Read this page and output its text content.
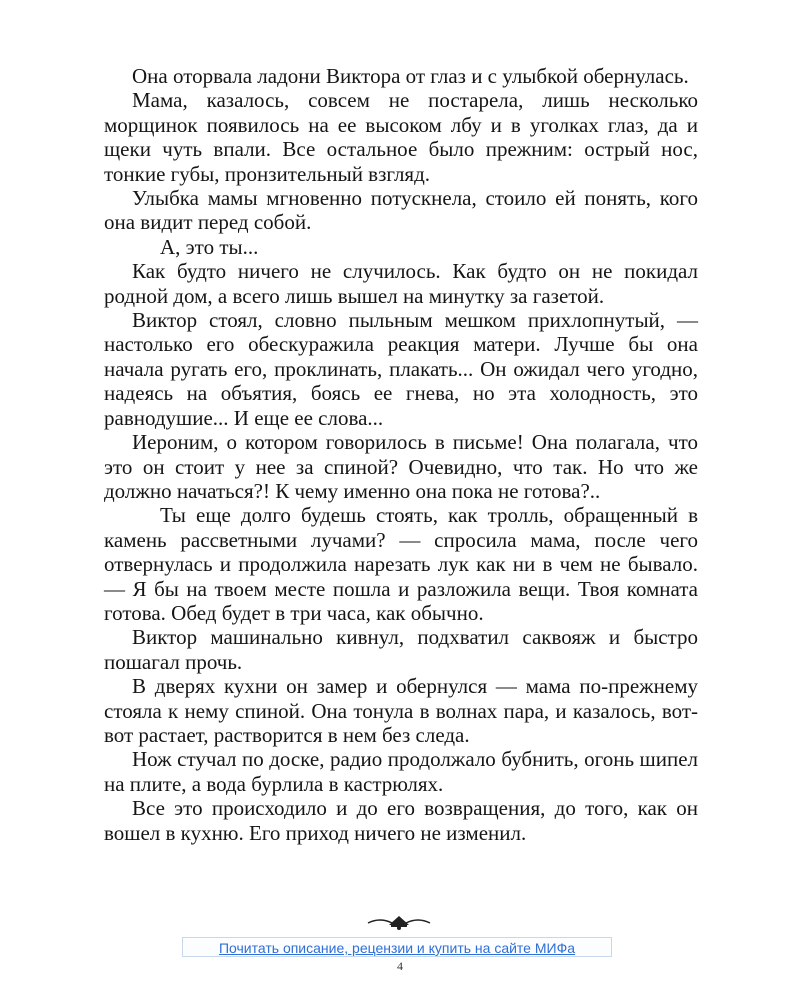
Она оторвала ладони Виктора от глаз и с улыбкой обернулась.

Мама, казалось, совсем не постарела, лишь несколько морщинок появилось на ее высоком лбу и в уголках глаз, да и щеки чуть впали. Все остальное было прежним: острый нос, тонкие губы, пронзительный взгляд.

Улыбка мамы мгновенно потускнела, стоило ей понять, кого она видит перед собой.

А, это ты...

Как будто ничего не случилось. Как будто он не покидал родной дом, а всего лишь вышел на минутку за газетой.

Виктор стоял, словно пыльным мешком прихлопнутый, — настолько его обескуражила реакция матери. Лучше бы она начала ругать его, проклинать, плакать... Он ожидал чего угодно, надеясь на объятия, боясь ее гнева, но эта холодность, это равнодушие... И еще ее слова...

Иероним, о котором говорилось в письме! Она полагала, что это он стоит у нее за спиной? Очевидно, что так. Но что же должно начаться?! К чему именно она пока не готова?..

Ты еще долго будешь стоять, как тролль, обращенный в камень рассветными лучами? — спросила мама, после чего отвернулась и продолжила нарезать лук как ни в чем не бывало. — Я бы на твоем месте пошла и разложила вещи. Твоя комната готова. Обед будет в три часа, как обычно.

Виктор машинально кивнул, подхватил саквояж и быстро пошагал прочь.

В дверях кухни он замер и обернулся — мама по-прежнему стояла к нему спиной. Она тонула в волнах пара, и казалось, вот-вот растает, растворится в нем без следа.

Нож стучал по доске, радио продолжало бубнить, огонь шипел на плите, а вода бурлила в кастрюлях.

Все это происходило и до его возвращения, до того, как он вошел в кухню. Его приход ничего не изменил.

Почитать описание, рецензии и купить на сайте МИФа
4
